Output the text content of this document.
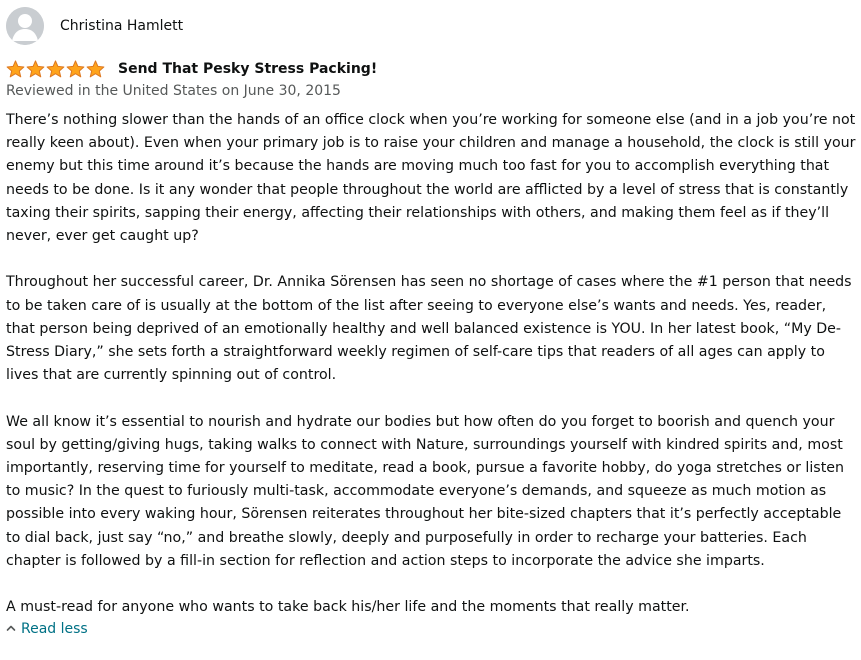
Christina Hamlett
Send That Pesky Stress Packing!
Reviewed in the United States on June 30, 2015

There’s nothing slower than the hands of an office clock when you’re working for someone else (and in a job you’re not really keen about). Even when your primary job is to raise your children and manage a household, the clock is still your enemy but this time around it’s because the hands are moving much too fast for you to accomplish everything that needs to be done. Is it any wonder that people throughout the world are afflicted by a level of stress that is constantly taxing their spirits, sapping their energy, affecting their relationships with others, and making them feel as if they’ll never, ever get caught up?

Throughout her successful career, Dr. Annika Sörensen has seen no shortage of cases where the #1 person that needs to be taken care of is usually at the bottom of the list after seeing to everyone else’s wants and needs. Yes, reader, that person being deprived of an emotionally healthy and well balanced existence is YOU. In her latest book, “My De-Stress Diary,” she sets forth a straightforward weekly regimen of self-care tips that readers of all ages can apply to lives that are currently spinning out of control.

We all know it’s essential to nourish and hydrate our bodies but how often do you forget to boorish and quench your soul by getting/giving hugs, taking walks to connect with Nature, surroundings yourself with kindred spirits and, most importantly, reserving time for yourself to meditate, read a book, pursue a favorite hobby, do yoga stretches or listen to music? In the quest to furiously multi-task, accommodate everyone’s demands, and squeeze as much motion as possible into every waking hour, Sörensen reiterates throughout her bite-sized chapters that it’s perfectly acceptable to dial back, just say “no,” and breathe slowly, deeply and purposefully in order to recharge your batteries. Each chapter is followed by a fill-in section for reflection and action steps to incorporate the advice she imparts.

A must-read for anyone who wants to take back his/her life and the moments that really matter.

Read less
